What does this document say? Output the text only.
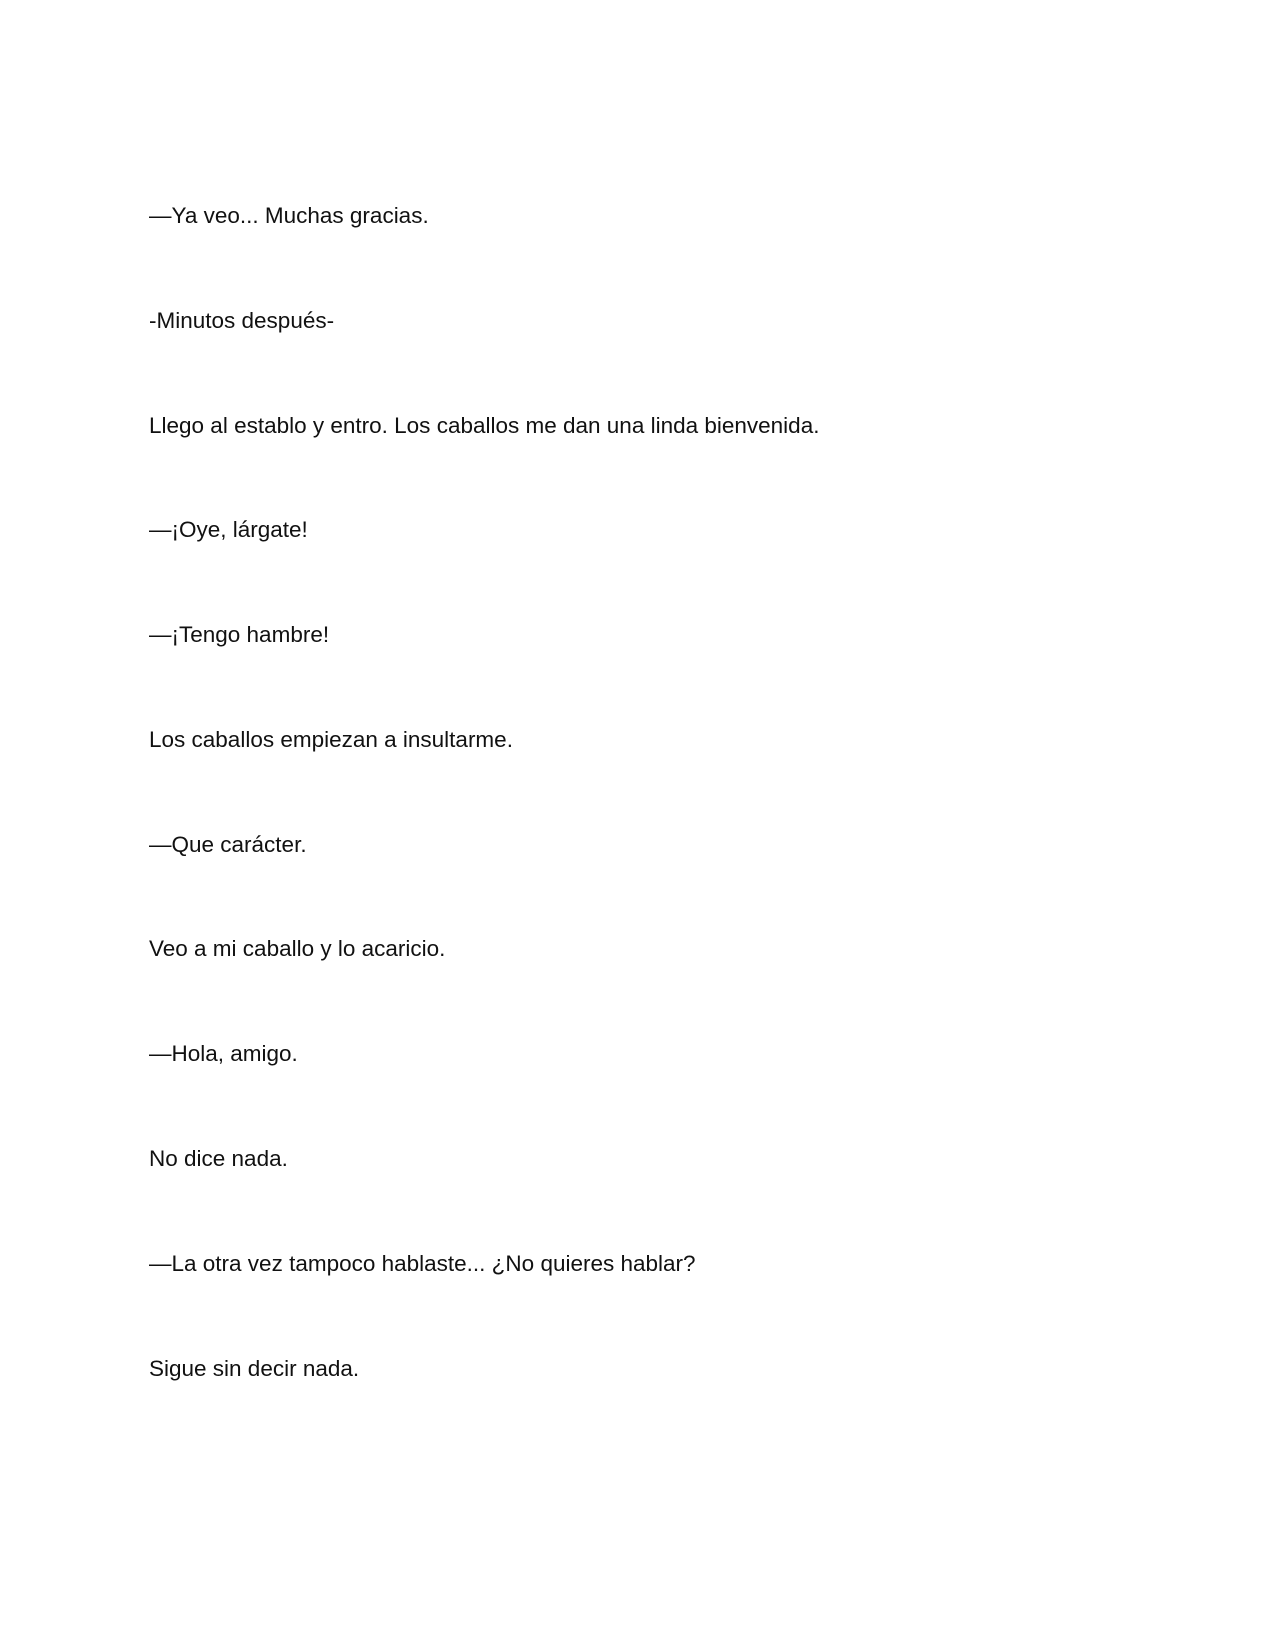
—Ya veo... Muchas gracias.

-Minutos después-

Llego al establo y entro. Los caballos me dan una linda bienvenida.

—¡Oye, lárgate!

—¡Tengo hambre!

Los caballos empiezan a insultarme.

—Que carácter.

Veo a mi caballo y lo acaricio.

—Hola, amigo.

No dice nada.

—La otra vez tampoco hablaste... ¿No quieres hablar?

Sigue sin decir nada.
